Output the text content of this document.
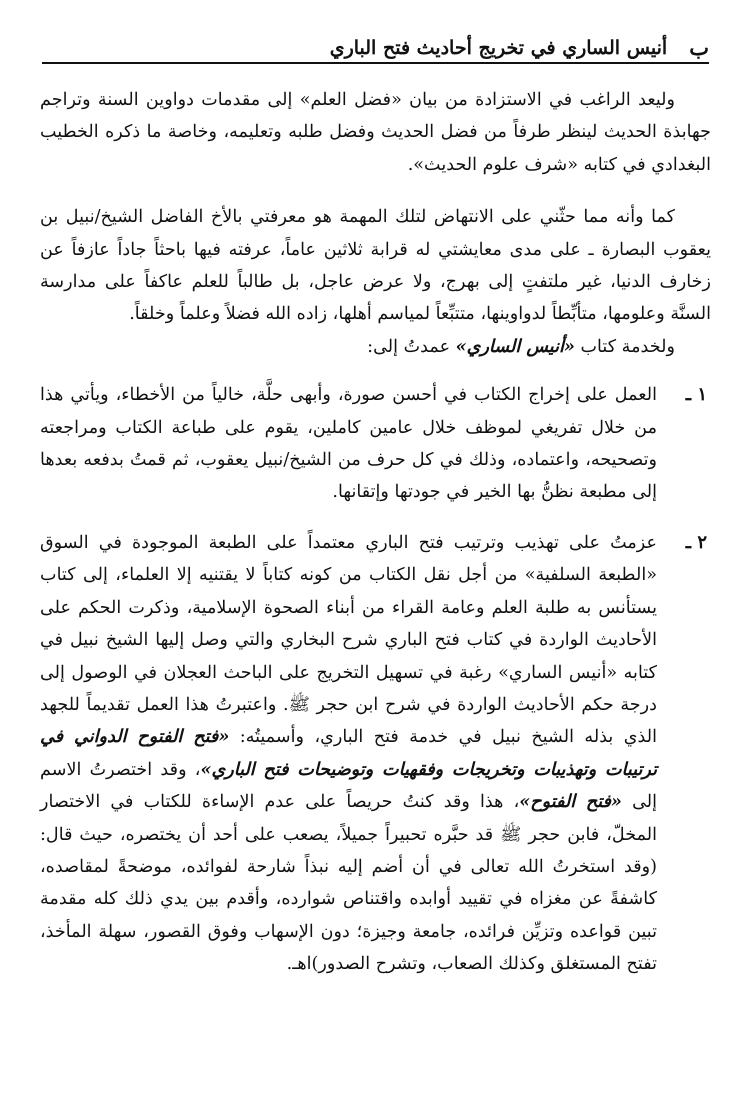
ب
أنيس الساري في تخريج أحاديث فتح الباري

وليعد الراغب في الاستزادة من بيان «فضل العلم» إلى مقدمات دواوين السنة وتراجم جهابذة الحديث لينظر طرفاً من فضل الحديث وفضل طلبه وتعليمه، وخاصة ما ذكره الخطيب البغدادي في كتابه «شرف علوم الحديث».

كما وأنه مما حثّني على الانتهاض لتلك المهمة هو معرفتي بالأخ الفاضل الشيخ/نبيل بن يعقوب البصارة ـ على مدى معايشتي له قرابة ثلاثين عاماً، عرفته فيها باحثاً جاداً عازفاً عن زخارف الدنيا، غير ملتفتٍ إلى بهرج، ولا عرض عاجل، بل طالباً للعلم عاكفاً على مدارسة السنَّة وعلومها، متأبِّطاً لدواوينها، متتبِّعاً لمياسم أهلها، زاده الله فضلاً وعلماً وخلقاً.

ولخدمة كتاب «أنيس الساري» عمدتُ إلى:

١ ـ
العمل على إخراج الكتاب في أحسن صورة، وأبهى حلَّة، خالياً من الأخطاء، ويأتي هذا من خلال تفريغي لموظف خلال عامين كاملين، يقوم على طباعة الكتاب ومراجعته وتصحيحه، واعتماده، وذلك في كل حرف من الشيخ/نبيل يعقوب، ثم قمتُ بدفعه بعدها إلى مطبعة نظنُّ بها الخير في جودتها وإتقانها.
٢ ـ
عزمتُ على تهذيب وترتيب فتح الباري معتمداً على الطبعة الموجودة في السوق «الطبعة السلفية» من أجل نقل الكتاب من كونه كتاباً لا يقتنيه إلا العلماء، إلى كتاب يستأنس به طلبة العلم وعامة القراء من أبناء الصحوة الإسلامية، وذكرت الحكم على الأحاديث الواردة في كتاب فتح الباري شرح البخاري والتي وصل إليها الشيخ نبيل في كتابه «أنيس الساري» رغبة في تسهيل التخريج على الباحث العجلان في الوصول إلى درجة حكم الأحاديث الواردة في شرح ابن حجر ﷺ. واعتبرتُ هذا العمل تقديماً للجهد الذي بذله الشيخ نبيل في خدمة فتح الباري، وأسميتُه: «فتح الفتوح الدواني في ترتيبات وتهذيبات وتخريجات وفقهيات وتوضيحات فتح الباري»، وقد اختصرتُ الاسم إلى «فتح الفتوح»، هذا وقد كنتُ حريصاً على عدم الإساءة للكتاب في الاختصار المخلّ، فابن حجر ﷺ قد حبَّره تحبيراً جميلاً، يصعب على أحد أن يختصره، حيث قال: (وقد استخرتُ الله تعالى في أن أضم إليه نبذاً شارحة لفوائده، موضحةً لمقاصده، كاشفةً عن مغزاه في تقييد أوابده واقتناص شوارده، وأقدم بين يدي ذلك كله مقدمة تبين قواعده وتزيِّن فرائده، جامعة وجيزة؛ دون الإسهاب وفوق القصور، سهلة المأخذ، تفتح المستغلق وكذلك الصعاب، وتشرح الصدور)اهـ.
